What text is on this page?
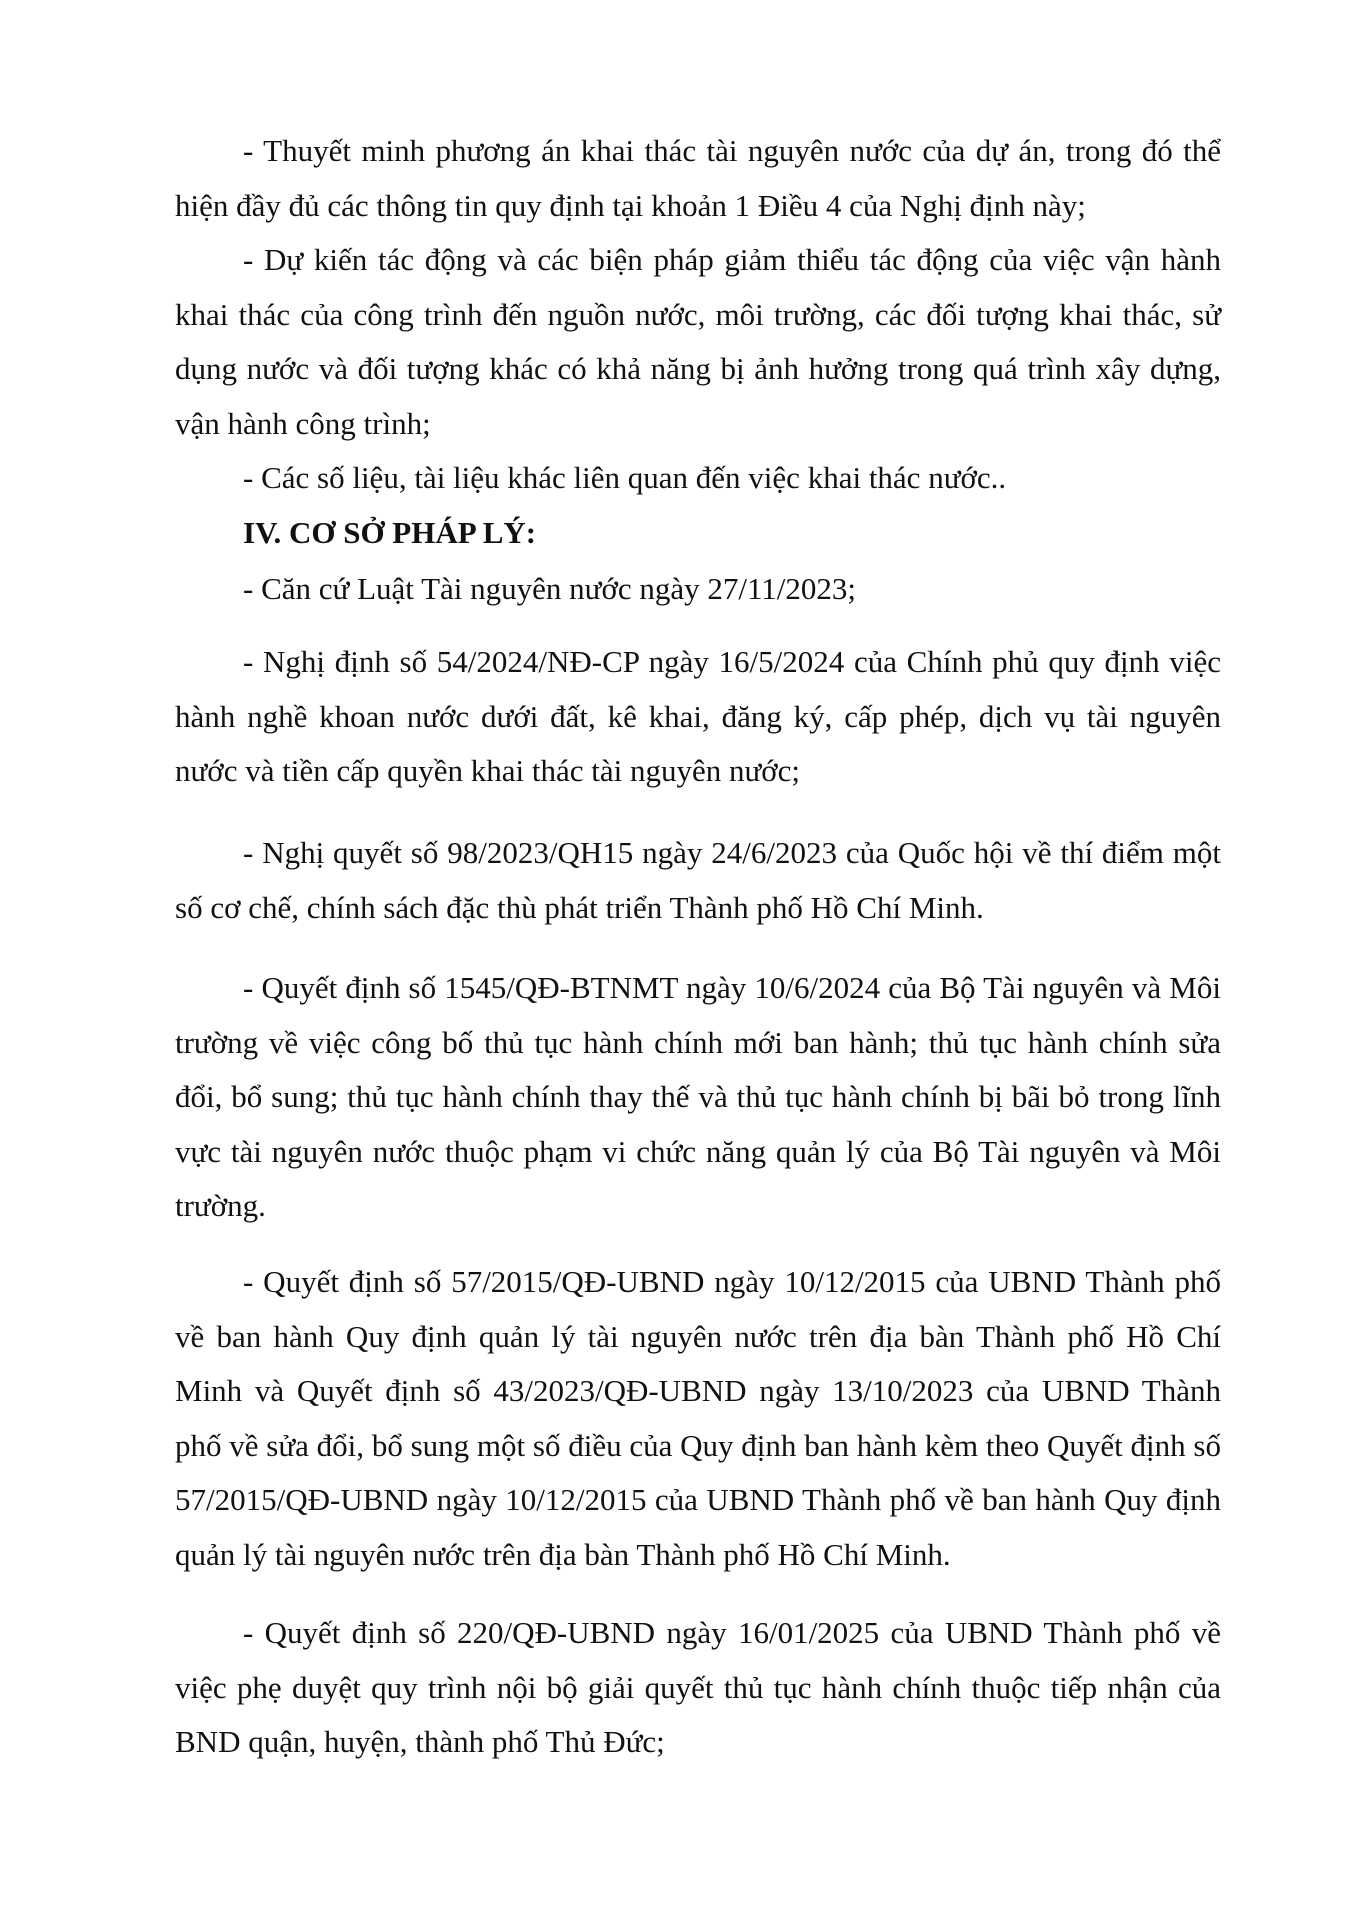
- Thuyết minh phương án khai thác tài nguyên nước của dự án, trong đó thể hiện đầy đủ các thông tin quy định tại khoản 1 Điều 4 của Nghị định này;

- Dự kiến tác động và các biện pháp giảm thiểu tác động của việc vận hành khai thác của công trình đến nguồn nước, môi trường, các đối tượng khai thác, sử dụng nước và đối tượng khác có khả năng bị ảnh hưởng trong quá trình xây dựng, vận hành công trình;

- Các số liệu, tài liệu khác liên quan đến việc khai thác nước..

IV. CƠ SỞ PHÁP LÝ:

- Căn cứ Luật Tài nguyên nước ngày 27/11/2023;

- Nghị định số 54/2024/NĐ-CP ngày 16/5/2024 của Chính phủ quy định việc hành nghề khoan nước dưới đất, kê khai, đăng ký, cấp phép, dịch vụ tài nguyên nước và tiền cấp quyền khai thác tài nguyên nước;

- Nghị quyết số 98/2023/QH15 ngày 24/6/2023 của Quốc hội về thí điểm một số cơ chế, chính sách đặc thù phát triển Thành phố Hồ Chí Minh.

- Quyết định số 1545/QĐ-BTNMT ngày 10/6/2024 của Bộ Tài nguyên và Môi trường về việc công bố thủ tục hành chính mới ban hành; thủ tục hành chính sửa đổi, bổ sung; thủ tục hành chính thay thế và thủ tục hành chính bị bãi bỏ trong lĩnh vực tài nguyên nước thuộc phạm vi chức năng quản lý của Bộ Tài nguyên và Môi trường.

- Quyết định số 57/2015/QĐ-UBND ngày 10/12/2015 của UBND Thành phố về ban hành Quy định quản lý tài nguyên nước trên địa bàn Thành phố Hồ Chí Minh và Quyết định số 43/2023/QĐ-UBND ngày 13/10/2023 của UBND Thành phố về sửa đổi, bổ sung một số điều của Quy định ban hành kèm theo Quyết định số 57/2015/QĐ-UBND ngày 10/12/2015 của UBND Thành phố về ban hành Quy định quản lý tài nguyên nước trên địa bàn Thành phố Hồ Chí Minh.

- Quyết định số 220/QĐ-UBND ngày 16/01/2025 của UBND Thành phố về việc phẹ duyệt quy trình nội bộ giải quyết thủ tục hành chính thuộc tiếp nhận của BND quận, huyện, thành phố Thủ Đức;
